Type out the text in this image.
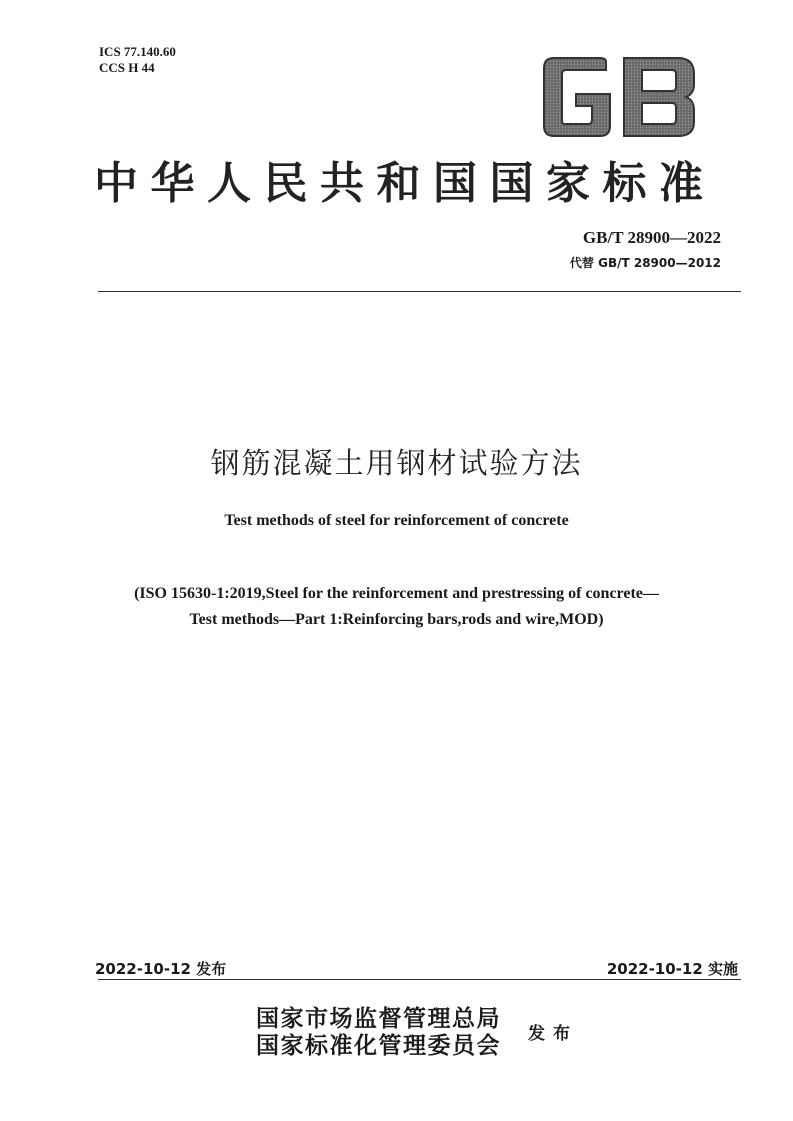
ICS 77.140.60
CCS H 44
中华人民共和国国家标准
GB/T 28900—2022
代替 GB/T 28900—2012
钢筋混凝土用钢材试验方法
Test methods of steel for reinforcement of concrete
(ISO 15630-1:2019,Steel for the reinforcement and prestressing of concrete—
Test methods—Part 1:Reinforcing bars,rods and wire,MOD)
2022-10-12 发布	2022-10-12 实施
国家市场监督管理总局
国家标准化管理委员会 发布
